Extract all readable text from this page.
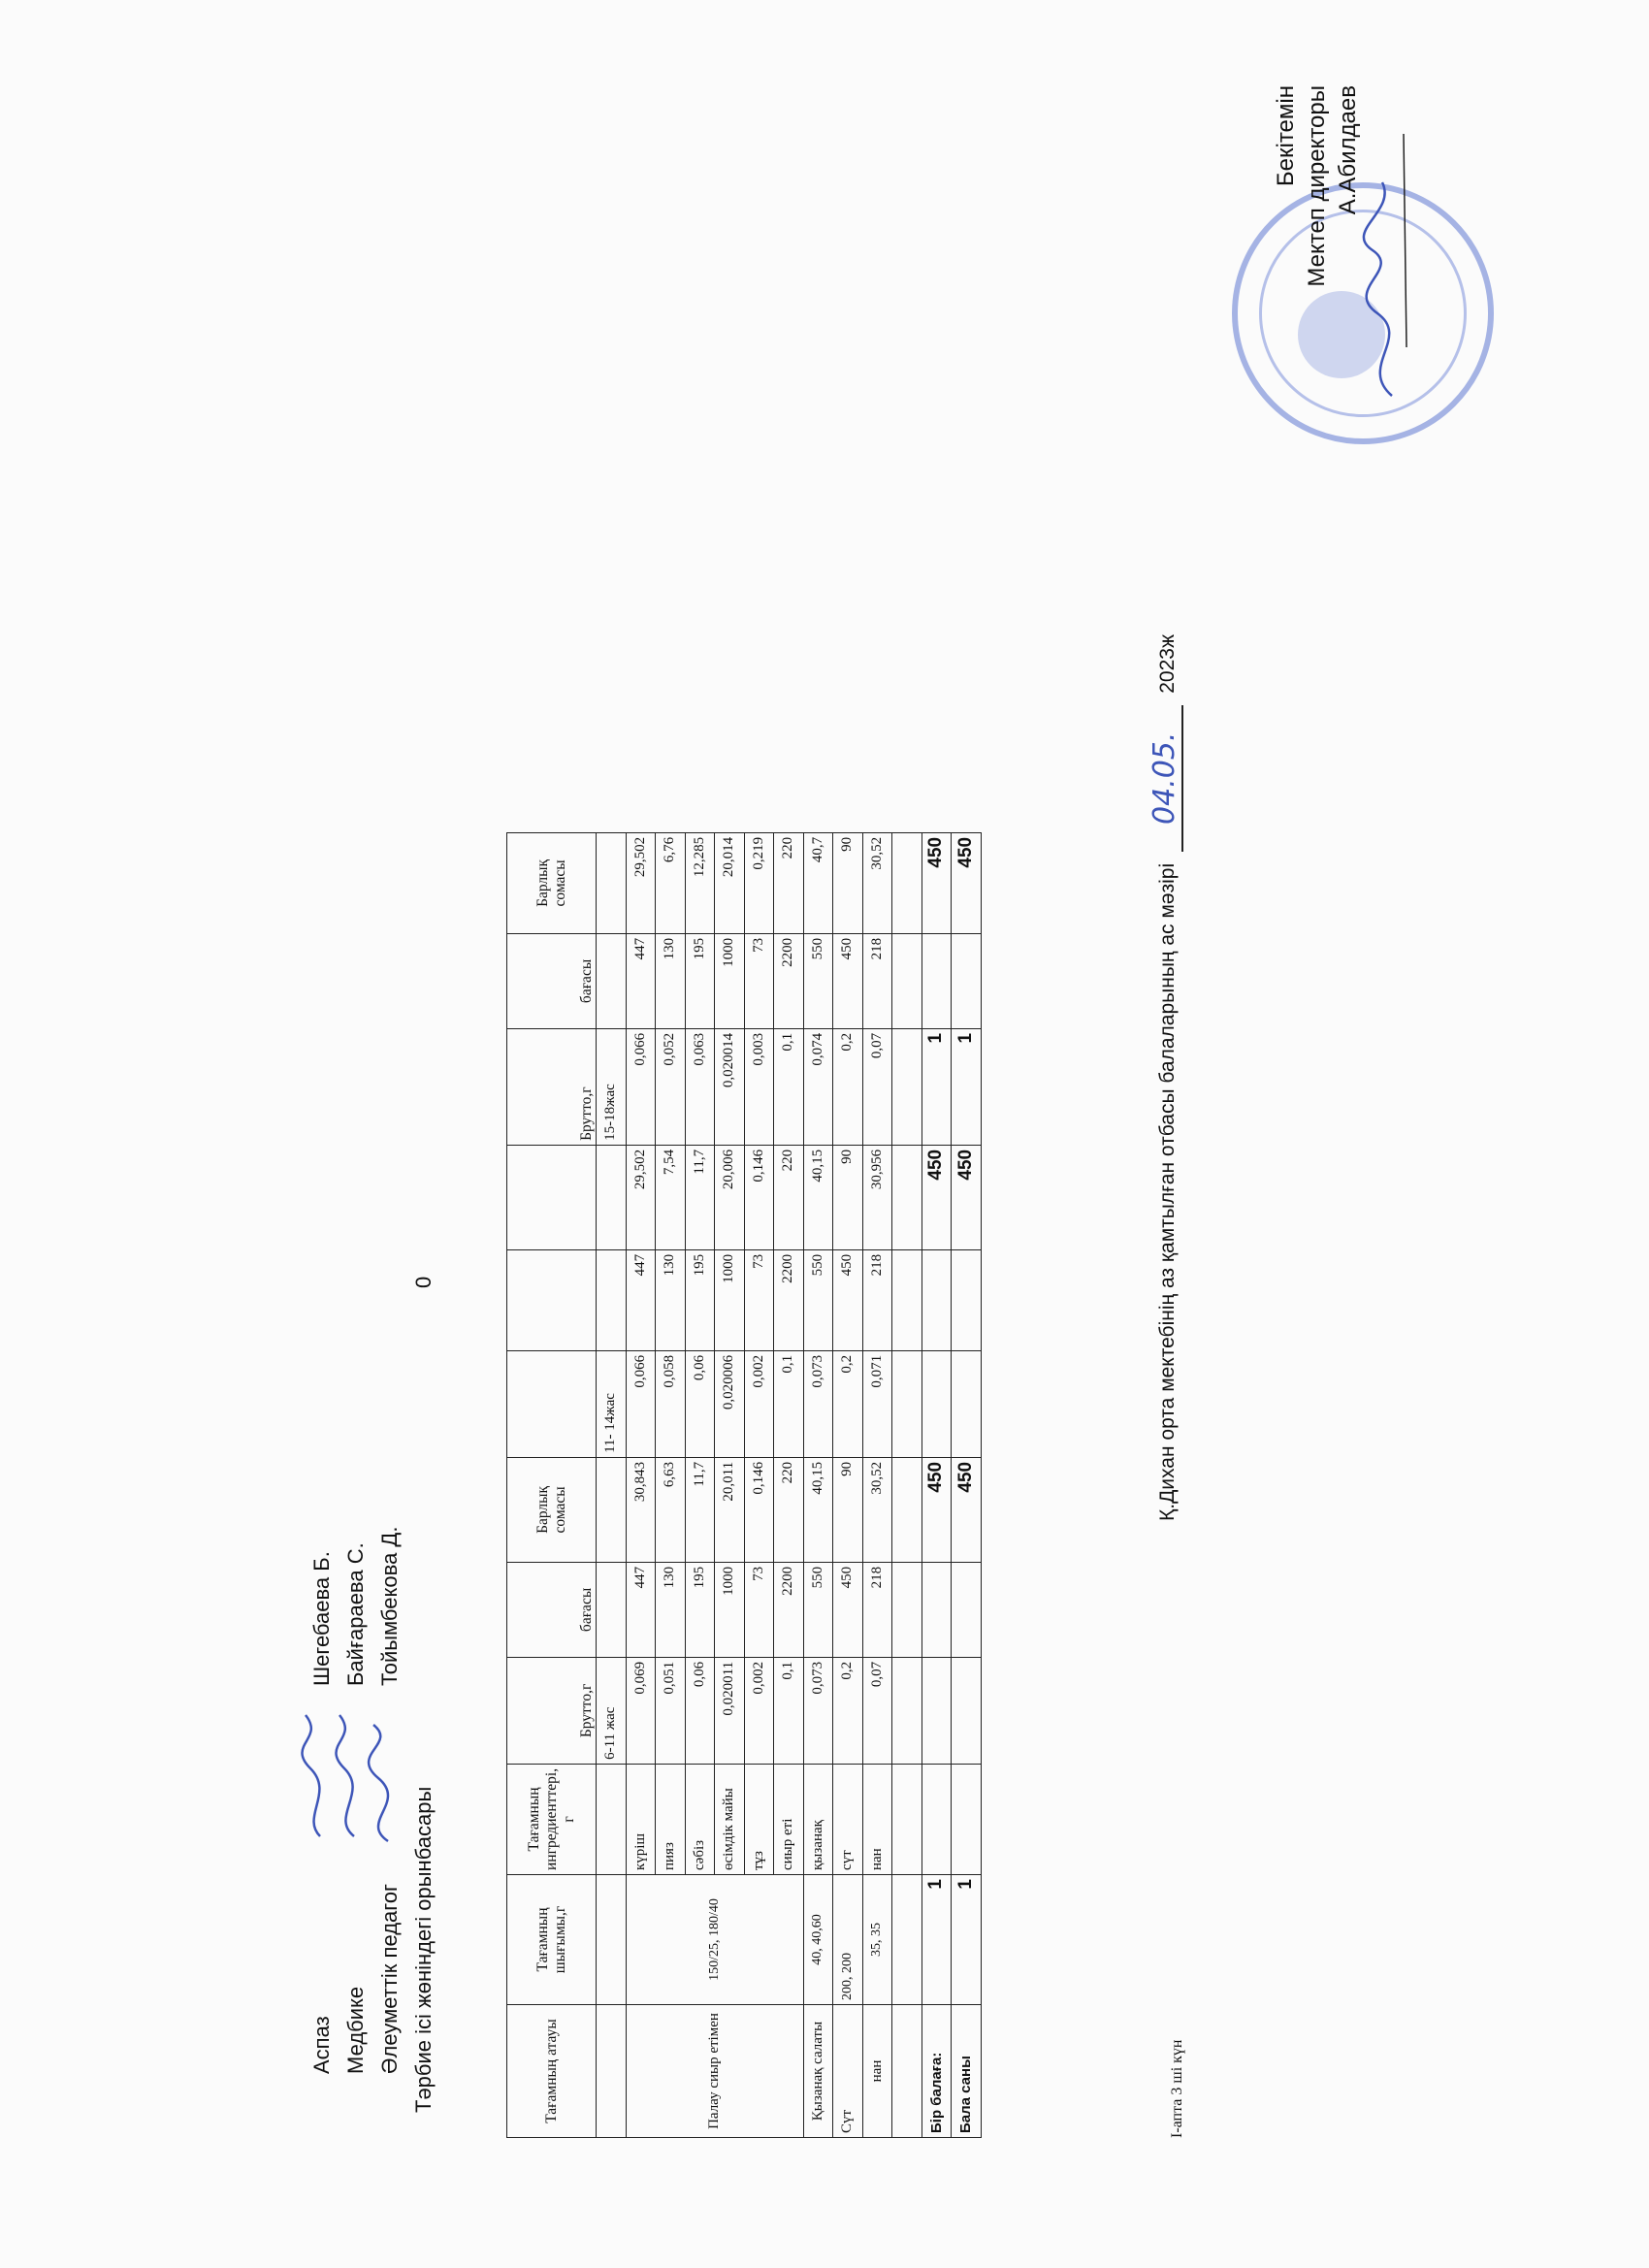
Бекітемін Мектеп директоры А.Абилдаев
Қ.Дихан орта мектебінің аз қамтылған отбасы балаларының ас мәзірі 04.05. 2023ж
І-апта 3 ші күн
Тағамның атауы	Тағамның шығымы,г	Тағамның ингредиенттері, г	Брутто,г	бағасы	Барлық сомасы				Брутто,г	бағасы	Барлық сомасы
			6-11 жас			11- 14жас			15-18жас		
Палау сиыр етімен	150/25, 180/40	күріш	0,069	447	30,843	0,066	447	29,502	0,066	447	29,502
		пияз	0,051	130	6,63	0,058	130	7,54	0,052	130	6,76
		сәбіз	0,06	195	11,7	0,06	195	11,7	0,063	195	12,285
		өсімдік майы	0,020011	1000	20,011	0,020006	1000	20,006	0,020014	1000	20,014
		тұз	0,002	73	0,146	0,002	73	0,146	0,003	73	0,219
		сиыр еті	0,1	2200	220	0,1	2200	220	0,1	2200	220
Қызанақ салаты	40, 40,60	қызанақ	0,073	550	40,15	0,073	550	40,15	0,074	550	40,7
Сүт	200, 200	сүт	0,2	450	90	0,2	450	90	0,2	450	90
нан	35, 35	нан	0,07	218	30,52	0,071	218	30,956	0,07	218	30,52

Бір балаға:	1				450			450	1		450
Бала саны	1				450			450	1		450
Тәрбие ісі жөніндегі орынбасары
0
Әлеуметтік педагог
Тойымбекова Д.
Медбике
Байғараева С.
Аспаз
Шегебаева Б.
